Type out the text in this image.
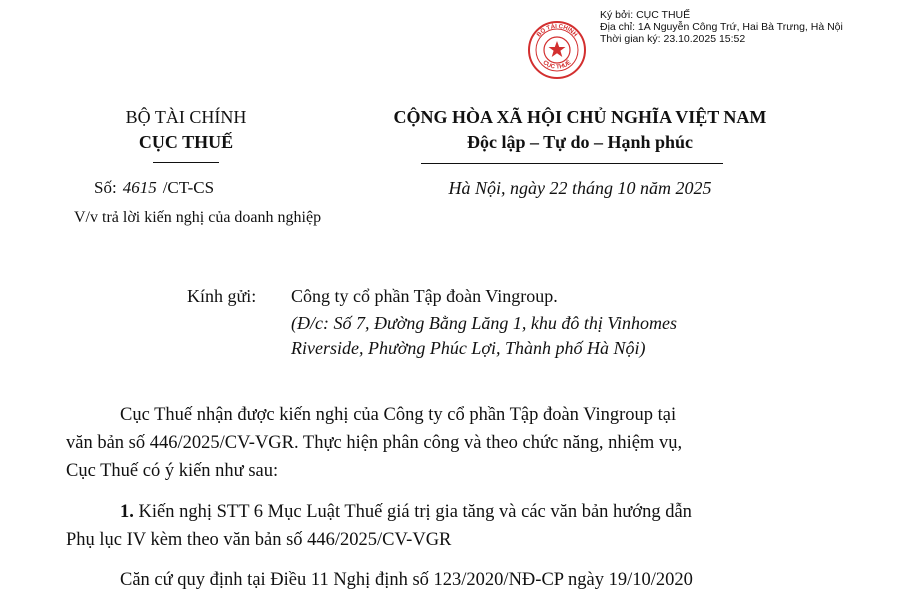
Ký bởi: CỤC THUẾ
Địa chỉ: 1A Nguyễn Công Trứ, Hai Bà Trưng, Hà Nội
Thời gian ký: 23.10.2025 15:52
BỘ TÀI CHÍNH
CỤC THUẾ
BỘ TÀI CHÍNH
CỤC THUẾ
Số: 4615 /CT-CS
V/v trả lời kiến nghị của doanh nghiệp
CỘNG HÒA XÃ HỘI CHỦ NGHĨA VIỆT NAM
Độc lập – Tự do – Hạnh phúc
Hà Nội, ngày 22 tháng 10 năm 2025
Kính gửi: Công ty cổ phần Tập đoàn Vingroup.
(Đ/c: Số 7, Đường Bằng Lăng 1, khu đô thị Vinhomes
Riverside, Phường Phúc Lợi, Thành phố Hà Nội)
Cục Thuế nhận được kiến nghị của Công ty cổ phần Tập đoàn Vingroup tại
văn bản số 446/2025/CV-VGR. Thực hiện phân công và theo chức năng, nhiệm vụ,
Cục Thuế có ý kiến như sau:
1. Kiến nghị STT 6 Mục Luật Thuế giá trị gia tăng và các văn bản hướng dẫn
Phụ lục IV kèm theo văn bản số 446/2025/CV-VGR
Căn cứ quy định tại Điều 11 Nghị định số 123/2020/NĐ-CP ngày 19/10/2020
